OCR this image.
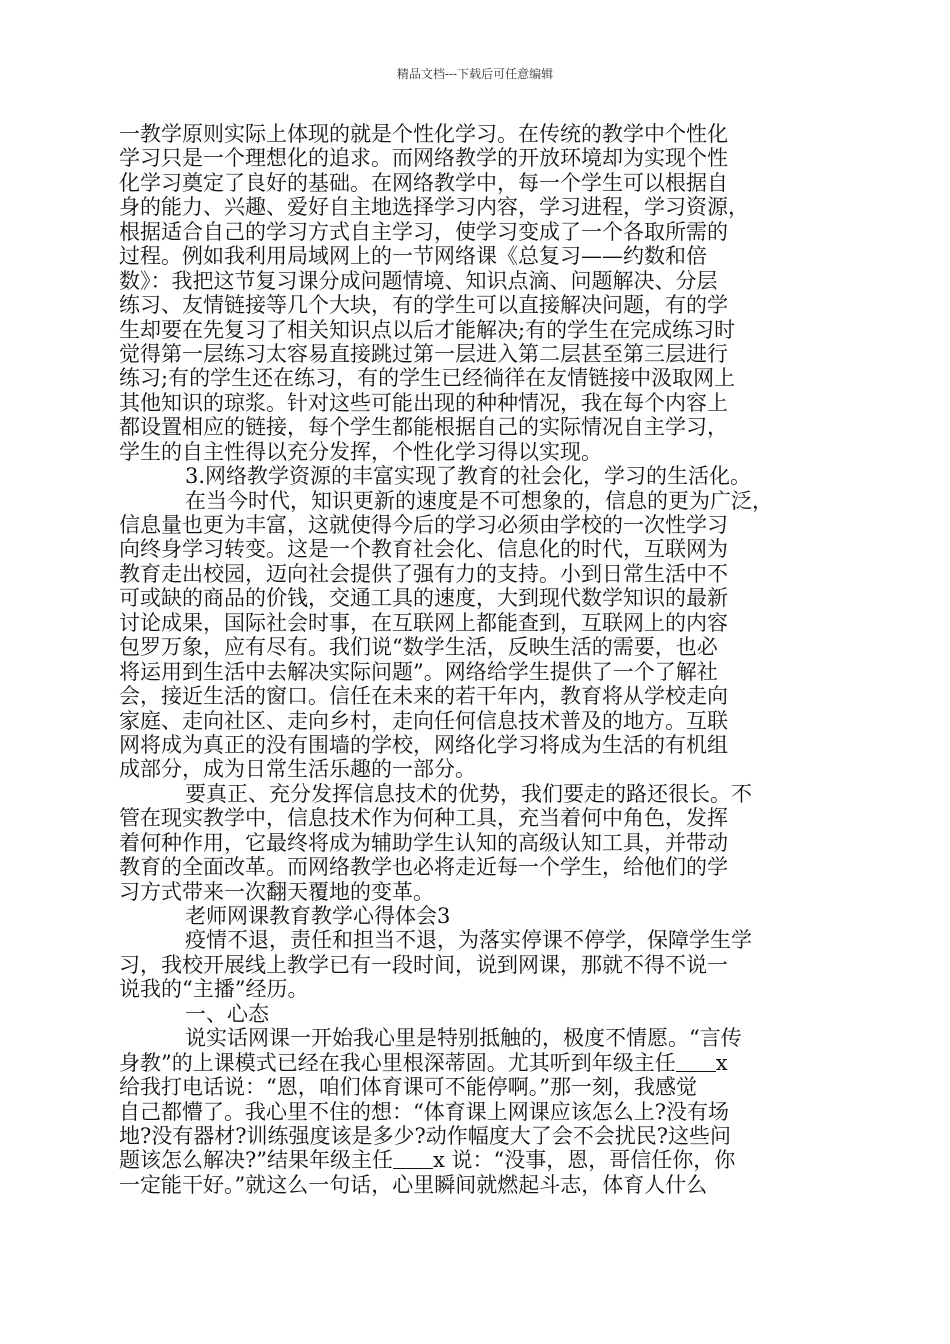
精品文档---下载后可任意编辑
一教学原则实际上体现的就是个性化学习。在传统的教学中个性化
学习只是一个理想化的追求。而网络教学的开放环境却为实现个性
化学习奠定了良好的基础。在网络教学中，每一个学生可以根据自
身的能力、兴趣、爱好自主地选择学习内容，学习进程，学习资源，
根据适合自己的学习方式自主学习，使学习变成了一个各取所需的
过程。例如我利用局域网上的一节网络课《总复习——约数和倍
数》：我把这节复习课分成问题情境、知识点滴、问题解决、分层
练习、友情链接等几个大块，有的学生可以直接解决问题，有的学
生却要在先复习了相关知识点以后才能解决;有的学生在完成练习时
觉得第一层练习太容易直接跳过第一层进入第二层甚至第三层进行
练习;有的学生还在练习，有的学生已经徜徉在友情链接中汲取网上
其他知识的琼浆。针对这些可能出现的种种情况，我在每个内容上
都设置相应的链接，每个学生都能根据自己的实际情况自主学习，
学生的自主性得以充分发挥，个性化学习得以实现。
3.网络教学资源的丰富实现了教育的社会化，学习的生活化。
在当今时代，知识更新的速度是不可想象的，信息的更为广泛，
信息量也更为丰富，这就使得今后的学习必须由学校的一次性学习
向终身学习转变。这是一个教育社会化、信息化的时代，互联网为
教育走出校园，迈向社会提供了强有力的支持。小到日常生活中不
可或缺的商品的价钱，交通工具的速度，大到现代数学知识的最新
讨论成果，国际社会时事，在互联网上都能查到，互联网上的内容
包罗万象，应有尽有。我们说“数学生活，反映生活的需要，也必
将运用到生活中去解决实际问题”。网络给学生提供了一个了解社
会，接近生活的窗口。信任在未来的若干年内，教育将从学校走向
家庭、走向社区、走向乡村，走向任何信息技术普及的地方。互联
网将成为真正的没有围墙的学校，网络化学习将成为生活的有机组
成部分，成为日常生活乐趣的一部分。
要真正、充分发挥信息技术的优势，我们要走的路还很长。不
管在现实教学中，信息技术作为何种工具，充当着何中角色，发挥
着何种作用，它最终将成为辅助学生认知的高级认知工具，并带动
教育的全面改革。而网络教学也必将走近每一个学生，给他们的学
习方式带来一次翻天覆地的变革。
老师网课教育教学心得体会3
疫情不退，责任和担当不退，为落实停课不停学，保障学生学
习，我校开展线上教学已有一段时间，说到网课，那就不得不说一
说我的“主播”经历。
一、心态
说实话网课一开始我心里是特别抵触的，极度不情愿。“言传
身教”的上课模式已经在我心里根深蒂固。尤其听到年级主任 x
给我打电话说：“恩，咱们体育课可不能停啊。”那一刻，我感觉
自己都懵了。我心里不住的想：“体育课上网课应该怎么上?没有场
地?没有器材?训练强度该是多少?动作幅度大了会不会扰民?这些问
题该怎么解决?”结果年级主任 x 说：“没事，恩，哥信任你，你
一定能干好。”就这么一句话，心里瞬间就燃起斗志，体育人什么
